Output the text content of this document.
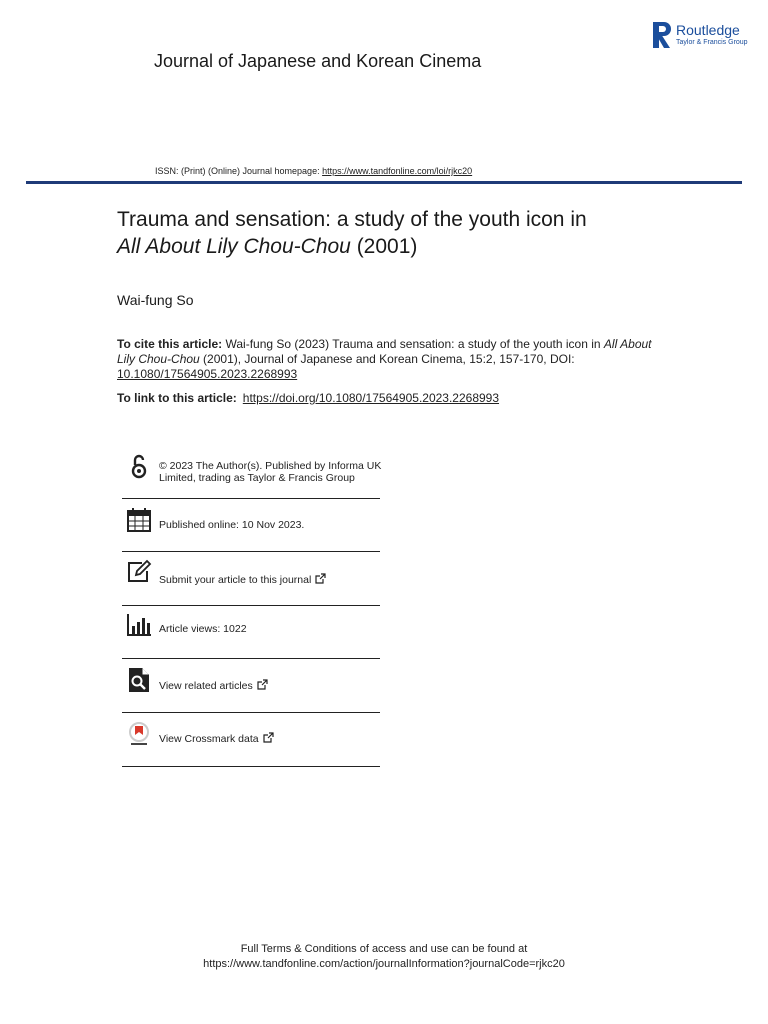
Journal of Japanese and Korean Cinema
Routledge
Taylor & Francis Group
ISSN: (Print) (Online) Journal homepage: https://www.tandfonline.com/loi/rjkc20
Trauma and sensation: a study of the youth icon in
All About Lily Chou-Chou (2001)
Wai-fung So
To cite this article: Wai-fung So (2023) Trauma and sensation: a study of the youth icon in All About Lily Chou-Chou (2001), Journal of Japanese and Korean Cinema, 15:2, 157-170, DOI: 10.1080/17564905.2023.2268993
To link to this article: https://doi.org/10.1080/17564905.2023.2268993
© 2023 The Author(s). Published by Informa UK Limited, trading as Taylor & Francis Group
Published online: 10 Nov 2023.
Submit your article to this journal
Article views: 1022
View related articles
View Crossmark data
Full Terms & Conditions of access and use can be found at
https://www.tandfonline.com/action/journalInformation?journalCode=rjkc20
